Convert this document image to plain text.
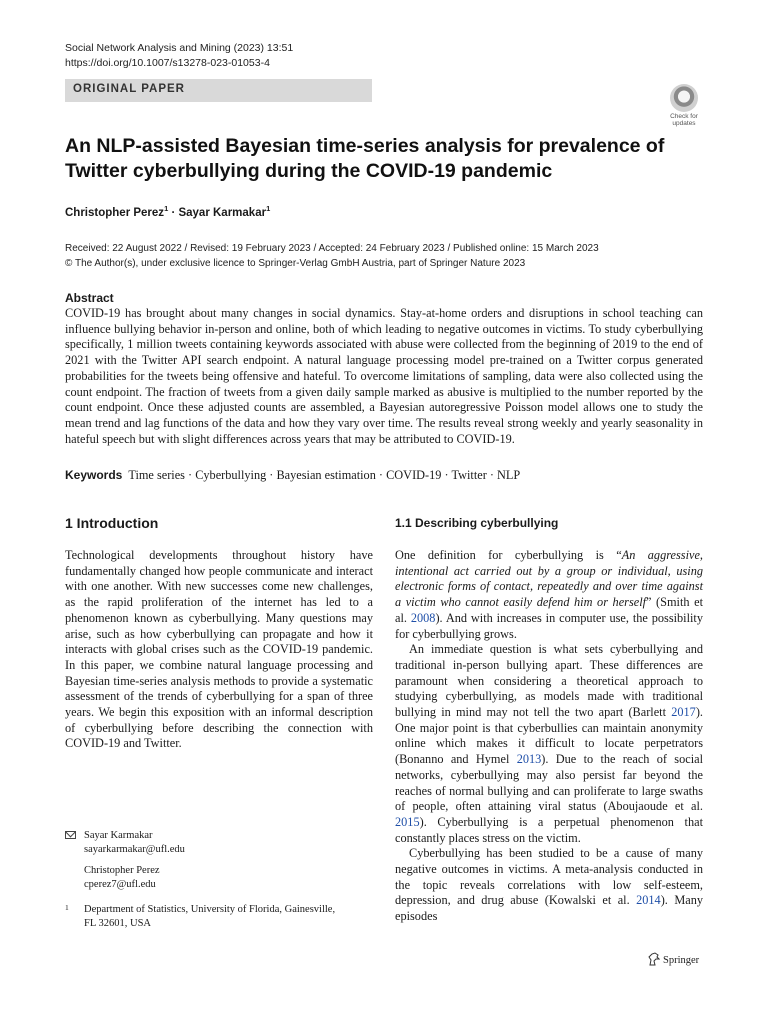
Social Network Analysis and Mining (2023) 13:51
https://doi.org/10.1007/s13278-023-01053-4
ORIGINAL PAPER
Check for
updates
An NLP-assisted Bayesian time-series analysis for prevalence of Twitter cyberbullying during the COVID-19 pandemic
Christopher Perez$^1$ · Sayar Karmakar$^1$
Received: 22 August 2022 / Revised: 19 February 2023 / Accepted: 24 February 2023 / Published online: 15 March 2023
© The Author(s), under exclusive licence to Springer-Verlag GmbH Austria, part of Springer Nature 2023
Abstract
COVID-19 has brought about many changes in social dynamics. Stay-at-home orders and disruptions in school teaching can influence bullying behavior in-person and online, both of which leading to negative outcomes in victims. To study cyberbullying specifically, 1 million tweets containing keywords associated with abuse were collected from the beginning of 2019 to the end of 2021 with the Twitter API search endpoint. A natural language processing model pre-trained on a Twitter corpus generated probabilities for the tweets being offensive and hateful. To overcome limitations of sampling, data were also collected using the count endpoint. The fraction of tweets from a given daily sample marked as abusive is multiplied to the number reported by the count endpoint. Once these adjusted counts are assembled, a Bayesian autoregressive Poisson model allows one to study the mean trend and lag functions of the data and how they vary over time. The results reveal strong weekly and yearly seasonality in hateful speech but with slight differences across years that may be attributed to COVID-19.
Keywords Time series · Cyberbullying · Bayesian estimation · COVID-19 · Twitter · NLP
1 Introduction	1.1 Describing cyberbullying

Technological developments throughout history have fundamentally changed how people communicate and interact with one another. With new successes come new challenges, as the rapid proliferation of the internet has led to a phenomenon known as cyberbullying. Many questions may arise, such as how cyberbullying can propagate and how it interacts with global crises such as the COVID-19 pandemic. In this paper, we combine natural language processing and Bayesian time-series analysis methods to provide a systematic assessment of the trends of cyberbullying for a span of three years. We begin this exposition with an informal description of cyberbullying before describing the connection with COVID-19 and Twitter.

One definition for cyberbullying is “An aggressive, intentional act carried out by a group or individual, using electronic forms of contact, repeatedly and over time against a victim who cannot easily defend him or herself” (Smith et al. 2008). And with increases in computer use, the possibility for cyberbullying grows.

An immediate question is what sets cyberbullying and traditional in-person bullying apart. These differences are paramount when considering a theoretical approach to studying cyberbullying, as models made with traditional bullying in mind may not tell the two apart (Barlett 2017). One major point is that cyberbullies can maintain anonymity online which makes it difficult to locate perpetrators (Bonanno and Hymel 2013). Due to the reach of social networks, cyberbullying may also persist far beyond the reaches of normal bullying and can proliferate to large swaths of people, often attaining viral status (Aboujaoude et al. 2015). Cyberbullying is a perpetual phenomenon that constantly places stress on the victim.

Cyberbullying has been studied to be a cause of many negative outcomes in victims. A meta-analysis conducted in the topic reveals correlations with low self-esteem, depression, and drug abuse (Kowalski et al. 2014). Many episodes

Sayar Karmakar
sayarkarmakar@ufl.edu
Christopher Perez
cperez7@ufl.edu
1 Department of Statistics, University of Florida, Gainesville,
FL 32601, USA
Springer
